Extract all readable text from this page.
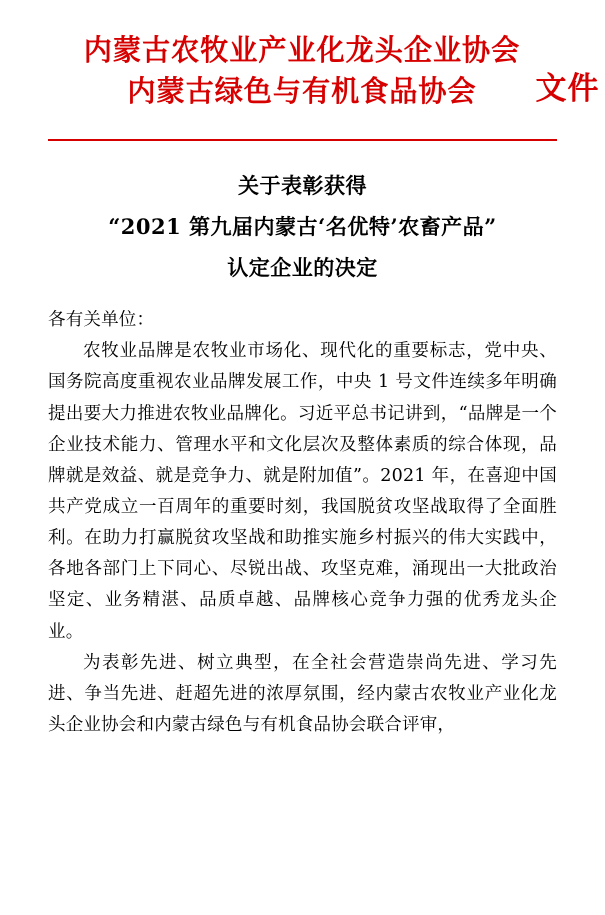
内蒙古农牧业产业化龙头企业协会
内蒙古绿色与有机食品协会	文件
关于表彰获得
“2021 第九届内蒙古‘名优特’农畜产品”
认定企业的决定

各有关单位：

农牧业品牌是农牧业市场化、现代化的重要标志，党中央、国务院高度重视农业品牌发展工作，中央 1 号文件连续多年明确提出要大力推进农牧业品牌化。习近平总书记讲到，“品牌是一个企业技术能力、管理水平和文化层次及整体素质的综合体现，品牌就是效益、就是竞争力、就是附加值”。2021 年，在喜迎中国共产党成立一百周年的重要时刻，我国脱贫攻坚战取得了全面胜利。在助力打赢脱贫攻坚战和助推实施乡村振兴的伟大实践中，各地各部门上下同心、尽锐出战、攻坚克难，涌现出一大批政治坚定、业务精湛、品质卓越、品牌核心竞争力强的优秀龙头企业。

为表彰先进、树立典型，在全社会营造崇尚先进、学习先进、争当先进、赶超先进的浓厚氛围，经内蒙古农牧业产业化龙头企业协会和内蒙古绿色与有机食品协会联合评审，
